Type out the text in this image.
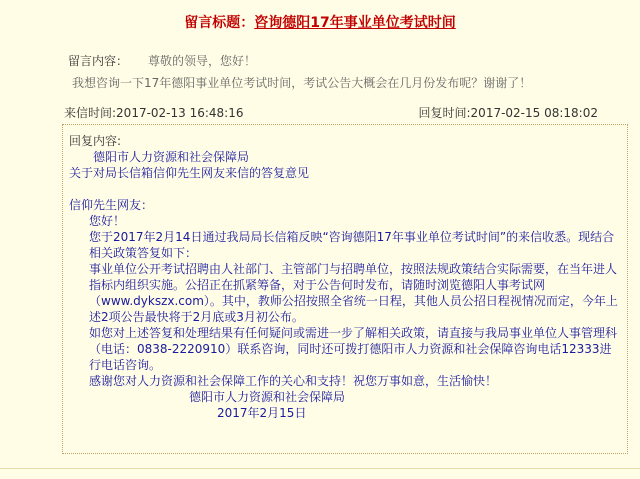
留言标题：咨询德阳17年事业单位考试时间
留言内容： 尊敬的领导，您好！
我想咨询一下17年德阳事业单位考试时间，考试公告大概会在几月份发布呢？谢谢了！
来信时间:2017-02-13 16:48:16	回复时间:2017-02-15 08:18:02

回复内容:

德阳市人力资源和社会保障局

关于对局长信箱信仰先生网友来信的答复意见

信仰先生网友：

您好！

您于2017年2月14日通过我局局长信箱反映“咨询德阳17年事业单位考试时间”的来信收悉。现结合相关政策答复如下：

事业单位公开考试招聘由人社部门、主管部门与招聘单位，按照法规政策结合实际需要，在当年进人指标内组织实施。公招正在抓紧筹备，对于公告何时发布，请随时浏览德阳人事考试网（www.dykszx.com）。其中，教师公招按照全省统一日程，其他人员公招日程视情况而定，今年上述2项公告最快将于2月底或3月初公布。

如您对上述答复和处理结果有任何疑问或需进一步了解相关政策，请直接与我局事业单位人事管理科（电话：0838-2220910）联系咨询，同时还可拨打德阳市人力资源和社会保障咨询电话12333进行电话咨询。

感谢您对人力资源和社会保障工作的关心和支持！祝您万事如意，生活愉快！

德阳市人力资源和社会保障局

2017年2月15日
